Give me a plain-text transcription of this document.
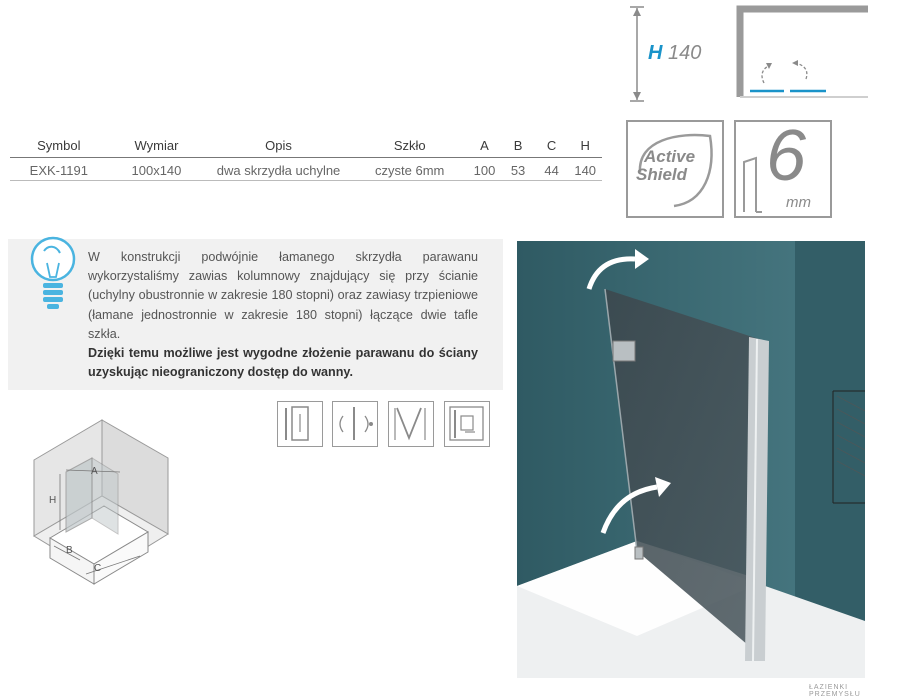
Symbol	Wymiar	Opis	Szkło	A	B	C	H
EXK-1191	100x140	dwa skrzydła uchylne	czyste 6mm	100	53	44	140
H 140
Active
Shield 6
mm
W konstrukcji podwójnie łamanego skrzydła parawanu wykorzystaliśmy zawias kolumnowy znajdujący się przy ścianie (uchylny obustronnie w zakresie 180 stopni) oraz zawiasy trzpieniowe (łamane jednostronnie w zakresie 180 stopni) łączące dwie tafle szkła.
Dzięki temu możliwe jest wygodne złożenie parawanu do ściany uzyskując nieograniczony dostęp do wanny.
A
H
B
C
ŁAZIENKI PRZEMYSŁU
